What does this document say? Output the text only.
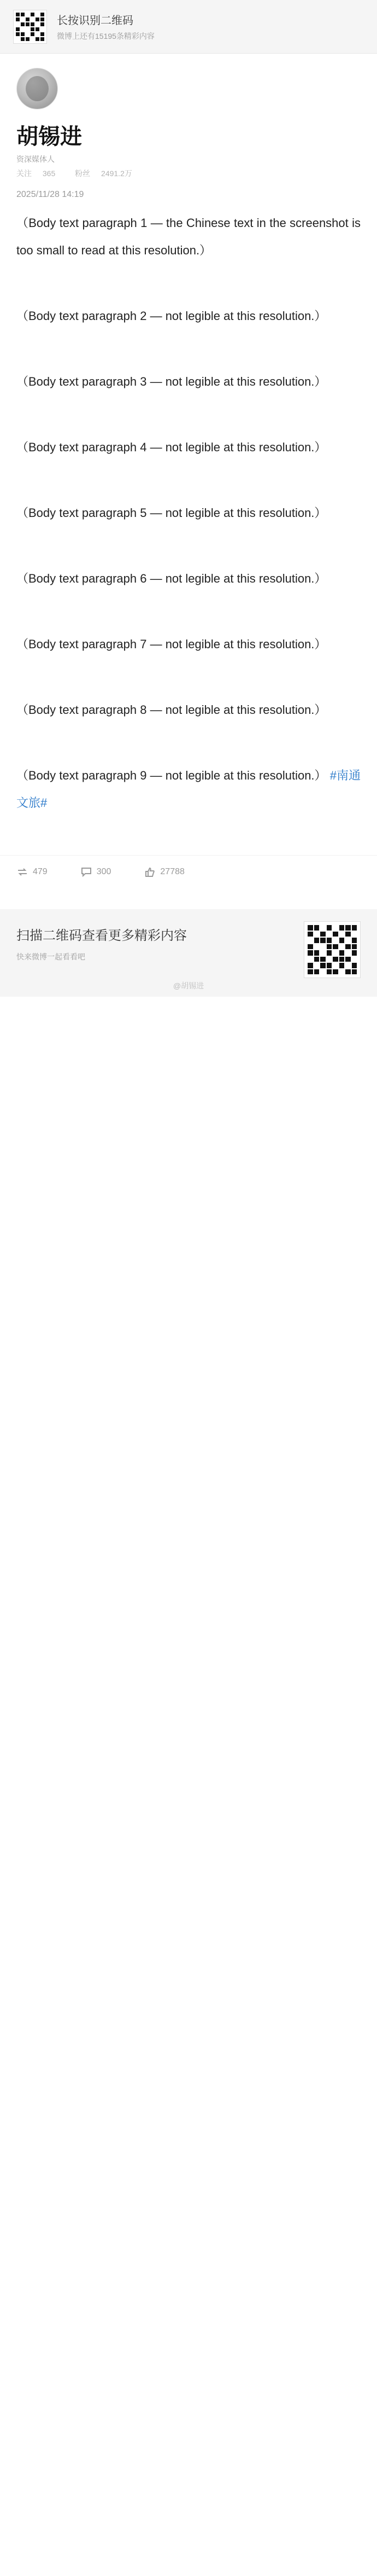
长按识别二维码
微博上还有15195条精彩内容
胡锡进
资深媒体人
关注 365	粉丝 2491.2万
2025/11/28 14:19

（Body text paragraph 1 — the Chinese text in the screenshot is too small to read at this resolution.）

（Body text paragraph 2 — not legible at this resolution.）

（Body text paragraph 3 — not legible at this resolution.）

（Body text paragraph 4 — not legible at this resolution.）

（Body text paragraph 5 — not legible at this resolution.）

（Body text paragraph 6 — not legible at this resolution.）

（Body text paragraph 7 — not legible at this resolution.）

（Body text paragraph 8 — not legible at this resolution.）

（Body text paragraph 9 — not legible at this resolution.） #南通文旅#

479	300	27788
扫描二维码查看更多精彩内容
快来微博一起看看吧
@胡锡进
